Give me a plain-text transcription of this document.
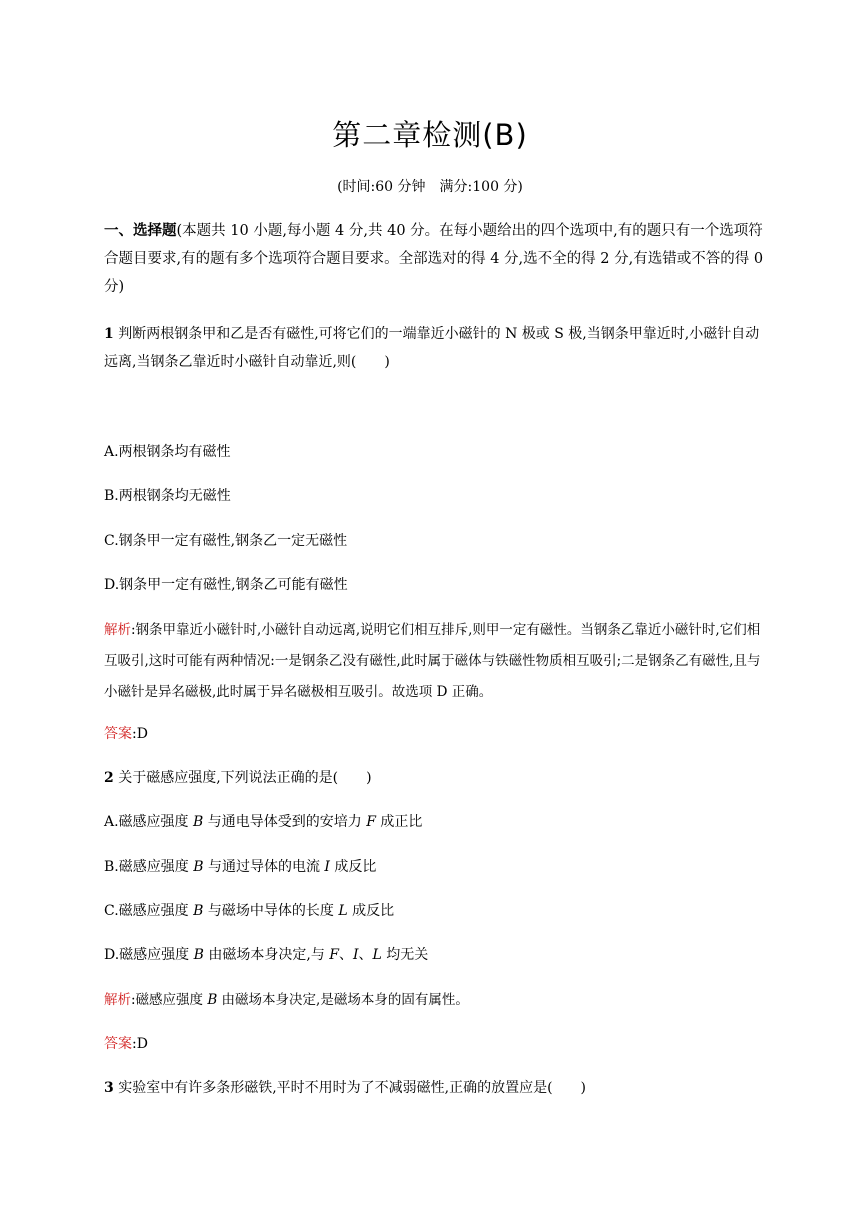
第二章检测(B)
(时间:60 分钟　满分:100 分)
一、选择题(本题共 10 小题,每小题 4 分,共 40 分。在每小题给出的四个选项中,有的题只有一个选项符合题目要求,有的题有多个选项符合题目要求。全部选对的得 4 分,选不全的得 2 分,有选错或不答的得 0 分)
1 判断两根钢条甲和乙是否有磁性,可将它们的一端靠近小磁针的 N 极或 S 极,当钢条甲靠近时,小磁针自动远离,当钢条乙靠近时小磁针自动靠近,则(　　)
A.两根钢条均有磁性
B.两根钢条均无磁性
C.钢条甲一定有磁性,钢条乙一定无磁性
D.钢条甲一定有磁性,钢条乙可能有磁性
解析:钢条甲靠近小磁针时,小磁针自动远离,说明它们相互排斥,则甲一定有磁性。当钢条乙靠近小磁针时,它们相互吸引,这时可能有两种情况:一是钢条乙没有磁性,此时属于磁体与铁磁性物质相互吸引;二是钢条乙有磁性,且与小磁针是异名磁极,此时属于异名磁极相互吸引。故选项 D 正确。
答案:D
2 关于磁感应强度,下列说法正确的是(　　)
A.磁感应强度 B 与通电导体受到的安培力 F 成正比
B.磁感应强度 B 与通过导体的电流 I 成反比
C.磁感应强度 B 与磁场中导体的长度 L 成反比
D.磁感应强度 B 由磁场本身决定,与 F、I、L 均无关
解析:磁感应强度 B 由磁场本身决定,是磁场本身的固有属性。
答案:D
3 实验室中有许多条形磁铁,平时不用时为了不减弱磁性,正确的放置应是(　　)
